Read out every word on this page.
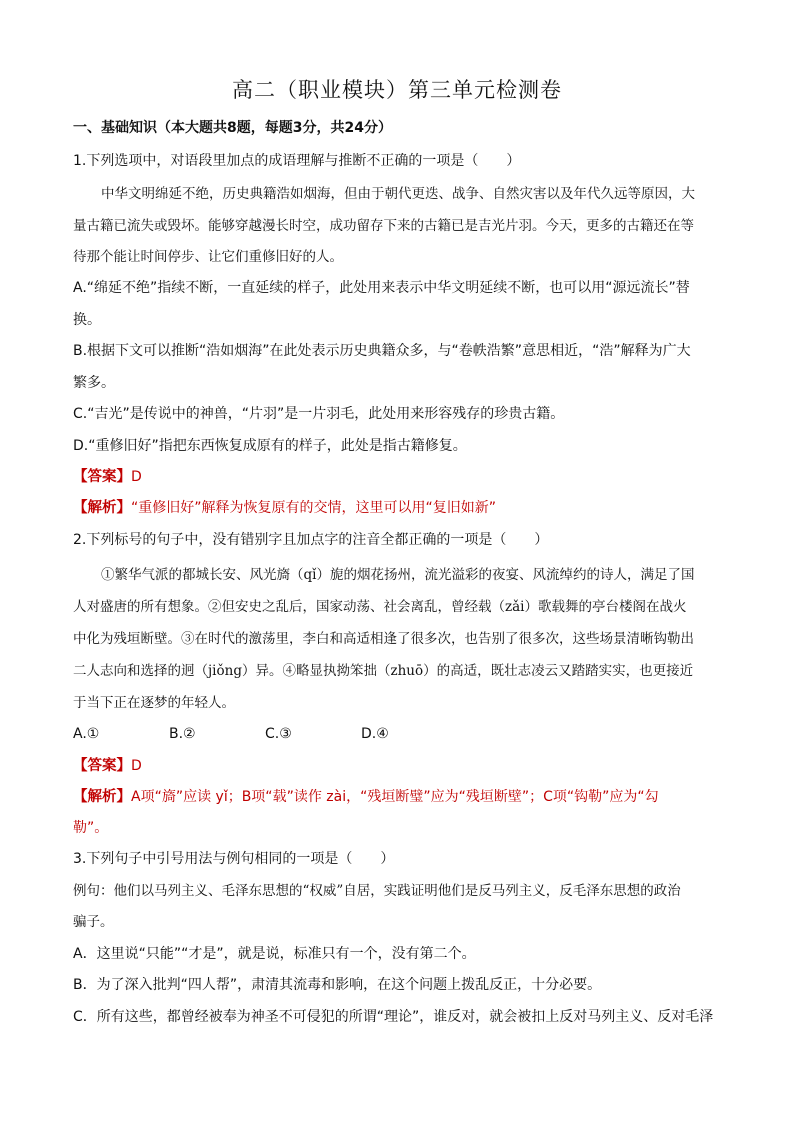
高二（职业模块）第三单元检测卷
一、基础知识（本大题共8题，每题3分，共24分）
1.下列选项中，对语段里加点的成语理解与推断不正确的一项是（　　）
中华文明绵延不绝，历史典籍浩如烟海，但由于朝代更迭、战争、自然灾害以及年代久远等原因，大
量古籍已流失或毁坏。能够穿越漫长时空，成功留存下来的古籍已是吉光片羽。今天，更多的古籍还在等
待那个能让时间停步、让它们重修旧好的人。
A.“绵延不绝”指续不断，一直延续的样子，此处用来表示中华文明延续不断，也可以用“源远流长”替
换。
B.根据下文可以推断“浩如烟海”在此处表示历史典籍众多，与“卷帙浩繁”意思相近，“浩”解释为广大
繁多。
C.“吉光”是传说中的神兽，“片羽”是一片羽毛，此处用来形容残存的珍贵古籍。
D.“重修旧好”指把东西恢复成原有的样子，此处是指古籍修复。
【答案】D
【解析】“重修旧好”解释为恢复原有的交情，这里可以用“复旧如新”
2.下列标号的句子中，没有错别字且加点字的注音全都正确的一项是（　　）
①繁华气派的都城长安、风光旖（qǐ）旎的烟花扬州，流光溢彩的夜宴、风流绰约的诗人，满足了国
人对盛唐的所有想象。②但安史之乱后，国家动荡、社会离乱，曾经载（zǎi）歌载舞的亭台楼阁在战火
中化为残垣断壁。③在时代的激荡里，李白和高适相逢了很多次，也告别了很多次，这些场景清晰钩勒出
二人志向和选择的迥（jiǒng）异。④略显执拗笨拙（zhuō）的高适，既壮志凌云又踏踏实实，也更接近
于当下正在逐梦的年轻人。
A.①	B.②	C.③	D.④
【答案】D
【解析】A项“旖”应读 yǐ；B项“载”读作 zài，“残垣断璧”应为“残垣断壁”；C项“钩勒”应为“勾
勒”。
3.下列句子中引号用法与例句相同的一项是（　　）
例句：他们以马列主义、毛泽东思想的“权威”自居，实践证明他们是反马列主义，反毛泽东思想的政治
骗子。
A．这里说“只能”“才是”，就是说，标准只有一个，没有第二个。
B．为了深入批判“四人帮”，肃清其流毒和影响，在这个问题上拨乱反正，十分必要。
C．所有这些，都曾经被奉为神圣不可侵犯的所谓“理论”，谁反对，就会被扣上反对马列主义、反对毛泽
